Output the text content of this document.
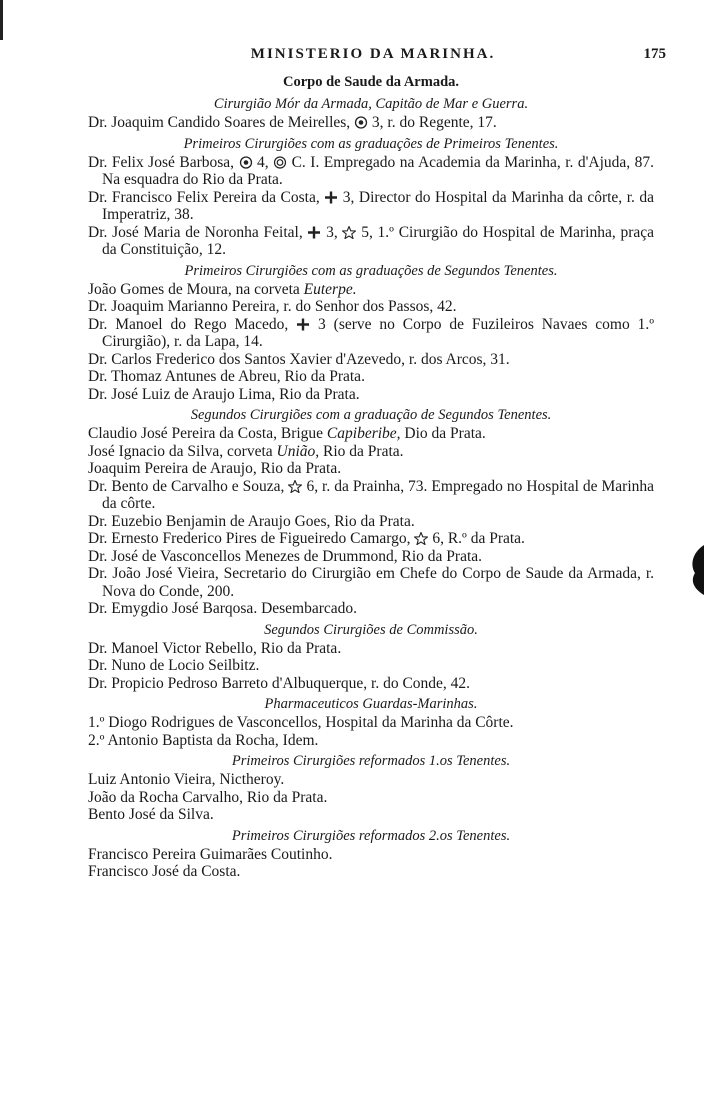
MINISTERIO DA MARINHA.	175
Corpo de Saude da Armada.
Cirurgião Mór da Armada, Capitão de Mar e Guerra.
Dr. Joaquim Candido Soares de Meirelles, 3, r. do Regente, 17.
Primeiros Cirurgiões com as graduações de Primeiros Tenentes.
Dr. Felix José Barbosa, 4, C. I. Empregado na Academia da Marinha, r. d'Ajuda, 87. Na esquadra do Rio da Prata.
Dr. Francisco Felix Pereira da Costa, 3, Director do Hospital da Marinha da côrte, r. da Imperatriz, 38.
Dr. José Maria de Noronha Feital, 3, 5, 1.º Cirurgião do Hospital de Marinha, praça da Constituição, 12.
Primeiros Cirurgiões com as graduações de Segundos Tenentes.
João Gomes de Moura, na corveta Euterpe.
Dr. Joaquim Marianno Pereira, r. do Senhor dos Passos, 42.
Dr. Manoel do Rego Macedo, 3 (serve no Corpo de Fuzileiros Navaes como 1.º Cirurgião), r. da Lapa, 14.
Dr. Carlos Frederico dos Santos Xavier d'Azevedo, r. dos Arcos, 31.
Dr. Thomaz Antunes de Abreu, Rio da Prata.
Dr. José Luiz de Araujo Lima, Rio da Prata.
Segundos Cirurgiões com a graduação de Segundos Tenentes.
Claudio José Pereira da Costa, Brigue Capiberibe, Dio da Prata.
José Ignacio da Silva, corveta União, Rio da Prata.
Joaquim Pereira de Araujo, Rio da Prata.
Dr. Bento de Carvalho e Souza, 6, r. da Prainha, 73. Empregado no Hospital de Marinha da côrte.
Dr. Euzebio Benjamin de Araujo Goes, Rio da Prata.
Dr. Ernesto Frederico Pires de Figueiredo Camargo, 6, R.º da Prata.
Dr. José de Vasconcellos Menezes de Drummond, Rio da Prata.
Dr. João José Vieira, Secretario do Cirurgião em Chefe do Corpo de Saude da Armada, r. Nova do Conde, 200.
Dr. Emygdio José Barqosa. Desembarcado.
Segundos Cirurgiões de Commissão.
Dr. Manoel Victor Rebello, Rio da Prata.
Dr. Nuno de Locio Seilbitz.
Dr. Propicio Pedroso Barreto d'Albuquerque, r. do Conde, 42.
Pharmaceuticos Guardas-Marinhas.
1.º Diogo Rodrigues de Vasconcellos, Hospital da Marinha da Côrte.
2.º Antonio Baptista da Rocha, Idem.
Primeiros Cirurgiões reformados 1.os Tenentes.
Luiz Antonio Vieira, Nictheroy.
João da Rocha Carvalho, Rio da Prata.
Bento José da Silva.
Primeiros Cirurgiões reformados 2.os Tenentes.
Francisco Pereira Guimarães Coutinho.
Francisco José da Costa.
